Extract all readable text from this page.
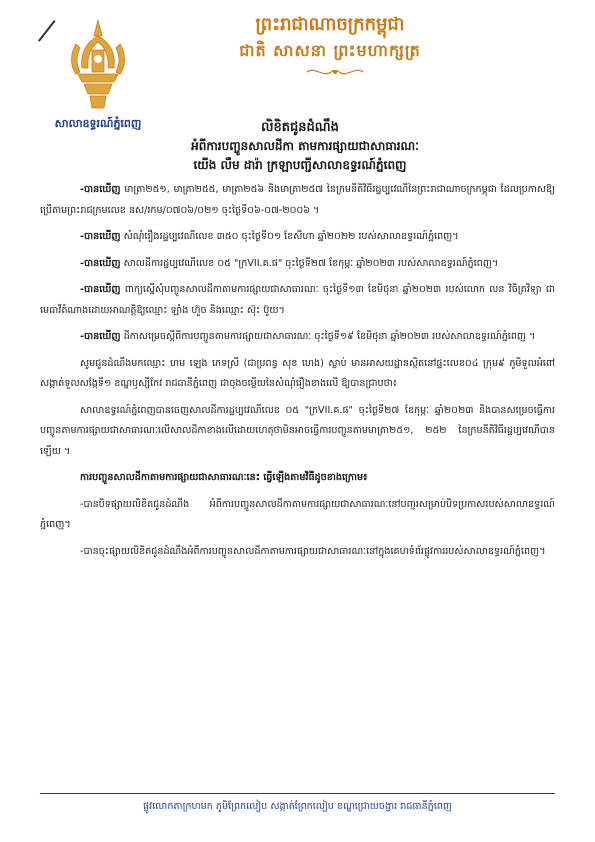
សាលាឧទ្ធរណ៍ភ្នំពេញ
ព្រះរាជាណាចក្រកម្ពុជា
ជាតិ សាសនា ព្រះមហាក្សត្រ
លិខិតជូនដំណឹង
អំពីការបញ្ចូនសាលដីកា តាមការផ្សាយជាសាធារណៈ
យើង លឹម ដារ៉ា ក្រឡាបញ្ជីសាលាឧទ្ធរណ៍ភ្នំពេញ

-បានឃើញ មាត្រា២៥១, មាត្រា២៥៥, មាត្រា២៥៦ និងមាត្រា២៥៧ នៃក្រមនីតិវិធីរដ្ឋប្បវេណីនៃព្រះរាជាណាចក្រកម្ពុជា ដែលប្រកាសឱ្យប្រើតាមព្រះរាជក្រមលេខ នស/រកម/០៧០៦/០២១ ចុះថ្ងៃទី០៦-០៧-២០០៦ ។

-បានឃើញ សំណុំរឿងរដ្ឋប្បវេណីលេខ ៣៥០ ចុះថ្ងៃទី០១ ខែសីហា ឆ្នាំ២០២២ របស់សាលាឧទ្ធរណ៍ភ្នំពេញ។

-បានឃើញ សាលដីការដ្ឋប្បវេណីលេខ ០៥ "ក្រVII.គ.ផ" ចុះថ្ងៃទី២៧ ខែកុម្ភៈ ឆ្នាំ២០២៣ របស់សាលាឧទ្ធរណ៍ភ្នំពេញ។

-បានឃើញ ពាក្យស្នើសុំបញ្ចូនសាលដីកាតាមការផ្សាយជាសាធារណៈ ចុះថ្ងៃទី១៣ ខែមិថុនា ឆ្នាំ២០២៣ របស់លោក លន វិចិត្រវិទ្យា ជាមេធាវីតំណាងដោយអាណត្តិឱ្យឈ្មោះ ឡាំង ហ៊ួច និងឈ្មោះ ស៊ុះ ប៊ូយ។

-បានឃើញ ដីកាសម្រេចស្តីពីការបញ្ចូនតាមការផ្សាយជាសាធារណៈ ចុះថ្ងៃទី១៩ ខែមិថុនា ឆ្នាំ២០២៣ របស់សាលាឧទ្ធរណ៍ភ្នំពេញ ។

សូមជូនដំណឹងមកឈ្មោះ ហម ឡេង ភេទស្រី (ជាប្រពន្ធ សុខ ហេង) ស្លាប់ មានអាសយដ្ឋានស្ថិតនៅផ្ទះលេខ០៤ ក្រុម៩ ភូមិទួលអំពៅ សង្កាត់ទួលសង្កែទី១ ខណ្ឌឫស្សីកែវ រាជធានីភ្នំពេញ ជាចុងចម្លើយនៃសំណុំរឿងខាងលើ ឱ្យបានជ្រាបថា៖

សាលាឧទ្ធរណ៍ភ្នំពេញបានចេញសាលដីការដ្ឋប្បវេណីលេខ ០៥ "ក្រVII.គ.ផ" ចុះថ្ងៃទី២៧ ខែកុម្ភៈ ឆ្នាំ២០២៣ និងបានសម្រេចធ្វើការបញ្ចូនតាមការផ្សាយជាសាធារណៈលើសាលដីកាខាងលើដោយហេតុថាមិនអាចធ្វើការបញ្ចូនតាមមាត្រា២៥១, ២៥២ នៃក្រមនីតិវិធីរដ្ឋប្បវេណីបានឡើយ ។

ការបញ្ចូនសាលដីកាតាមការផ្សាយជាសាធារណៈនេះ ធ្វើឡើងតាមវិធីដូចខាងក្រោម៖

-បានបិទផ្សាយលិខិតជូនដំណឹង អំពីការបញ្ចូនសាលដីកាតាមការផ្សាយជាសាធារណៈនៅបញ្ជរសម្រាប់បិទប្រកាសរបស់សាលាឧទ្ធរណ៍ភ្នំពេញ។

-បានចុះផ្សាយលិខិតជូនដំណឹងអំពីការបញ្ចូនសាលដីកាតាមការផ្សាយជាសាធារណៈនៅក្នុងគេហទំព័រផ្លូវការរបស់សាលាឧទ្ធរណ៍ភ្នំពេញ។

ផ្លូវលោកតាក្រហមក ភូមិព្រែកលៀប សង្កាត់ព្រែកលៀប ខណ្ឌជ្រោយចង្វារ រាជធានីភ្នំពេញ
